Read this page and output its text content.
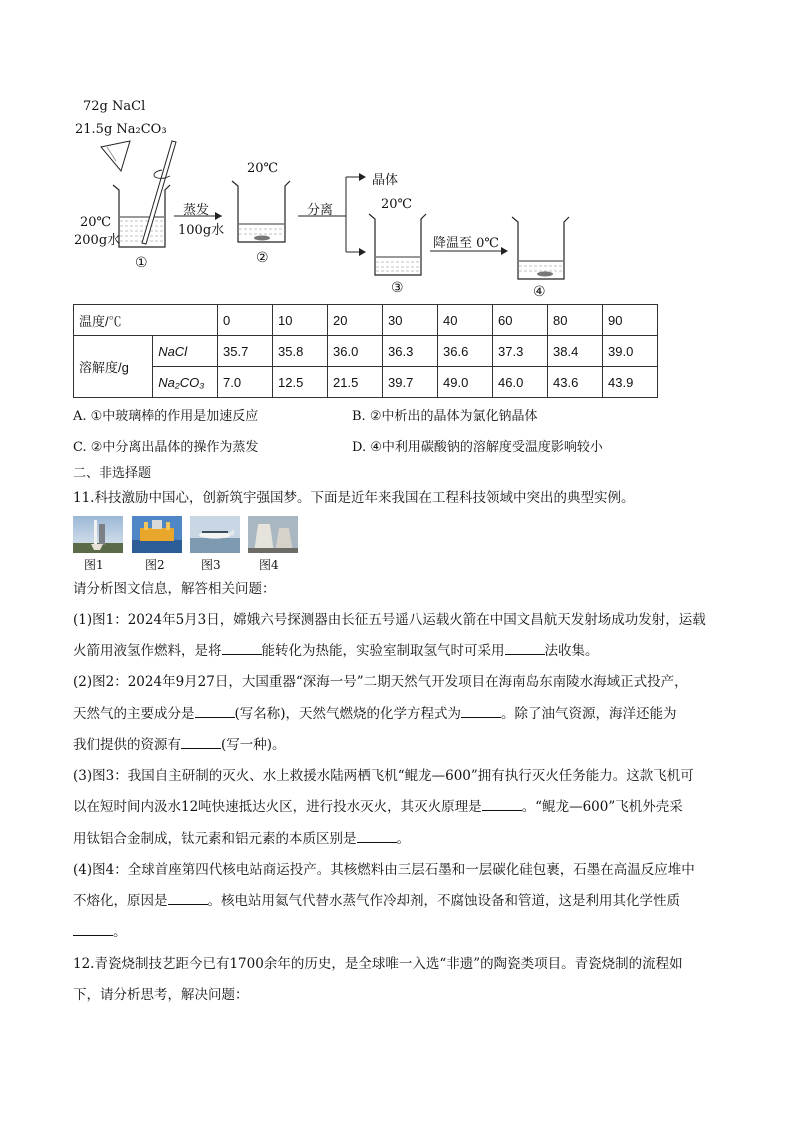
72g NaCl
21.5g Na₂CO₃
20℃
200g水
蒸发
100g水
20℃
分离
晶体
20℃
降温至 0℃
①	②
③	④
温度/℃		0	10	20	30	40	60	80	90
溶解度/g	NaCl	35.7	35.8	36.0	36.3	36.6	37.3	38.4	39.0
	Na₂CO₃	7.0	12.5	21.5	39.7	49.0	46.0	43.6	43.9
A. ①中玻璃棒的作用是加速反应	B. ②中析出的晶体为氯化钠晶体
C. ②中分离出晶体的操作为蒸发	D. ④中利用碳酸钠的溶解度受温度影响较小
二、非选择题
11.科技激励中国心，创新筑宇强国梦。下面是近年来我国在工程科技领域中突出的典型实例。
图1	图2	图3	图4
请分析图文信息，解答相关问题：
(1)图1：2024年5月3日，嫦娥六号探测器由长征五号遥八运载火箭在中国文昌航天发射场成功发射，运载
火箭用液氢作燃料，是将	能转化为热能，实验室制取氢气时可采用	法收集。
(2)图2：2024年9月27日，大国重器“深海一号”二期天然气开发项目在海南岛东南陵水海域正式投产，
天然气的主要成分是	(写名称)，天然气燃烧的化学方程式为	。除了油气资源，海洋还能为
我们提供的资源有	(写一种)。
(3)图3：我国自主研制的灭火、水上救援水陆两栖飞机“鲲龙—600”拥有执行灭火任务能力。这款飞机可
以在短时间内汲水12吨快速抵达火区，进行投水灭火，其灭火原理是	。“鲲龙—600”飞机外壳采
用钛铝合金制成，钛元素和铝元素的本质区别是	。
(4)图4：全球首座第四代核电站商运投产。其核燃料由三层石墨和一层碳化硅包裹，石墨在高温反应堆中
不熔化，原因是	。核电站用氦气代替水蒸气作冷却剂，不腐蚀设备和管道，这是利用其化学性质
。
12.青瓷烧制技艺距今已有1700余年的历史，是全球唯一入选“非遗”的陶瓷类项目。青瓷烧制的流程如
下，请分析思考，解决问题：
